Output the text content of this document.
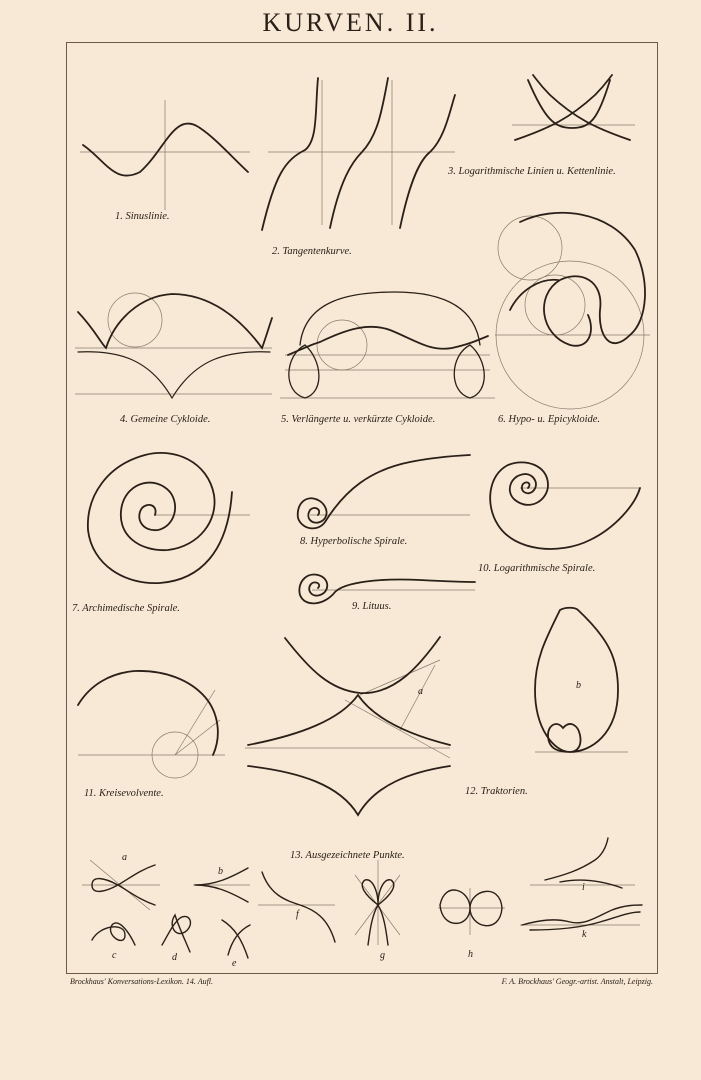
KURVEN. II.
1. Sinuslinie.
2. Tangentenkurve.
3. Logarithmische Linien u. Kettenlinie.
4. Gemeine Cykloide.	5. Verlängerte u. verkürzte Cykloide.	6. Hypo- u. Epicykloide.
7. Archimedische Spirale.
8. Hyperbolische Spirale.
9. Lituus.
10. Logarithmische Spirale.
11. Kreisevolvente.	12. Traktorien.
13. Ausgezeichnete Punkte.
a
b
a
b
c	d
e
f
g	h
i
k
Brockhaus' Konversations-Lexikon. 14. Aufl.	F. A. Brockhaus' Geogr.-artist. Anstalt, Leipzig.
